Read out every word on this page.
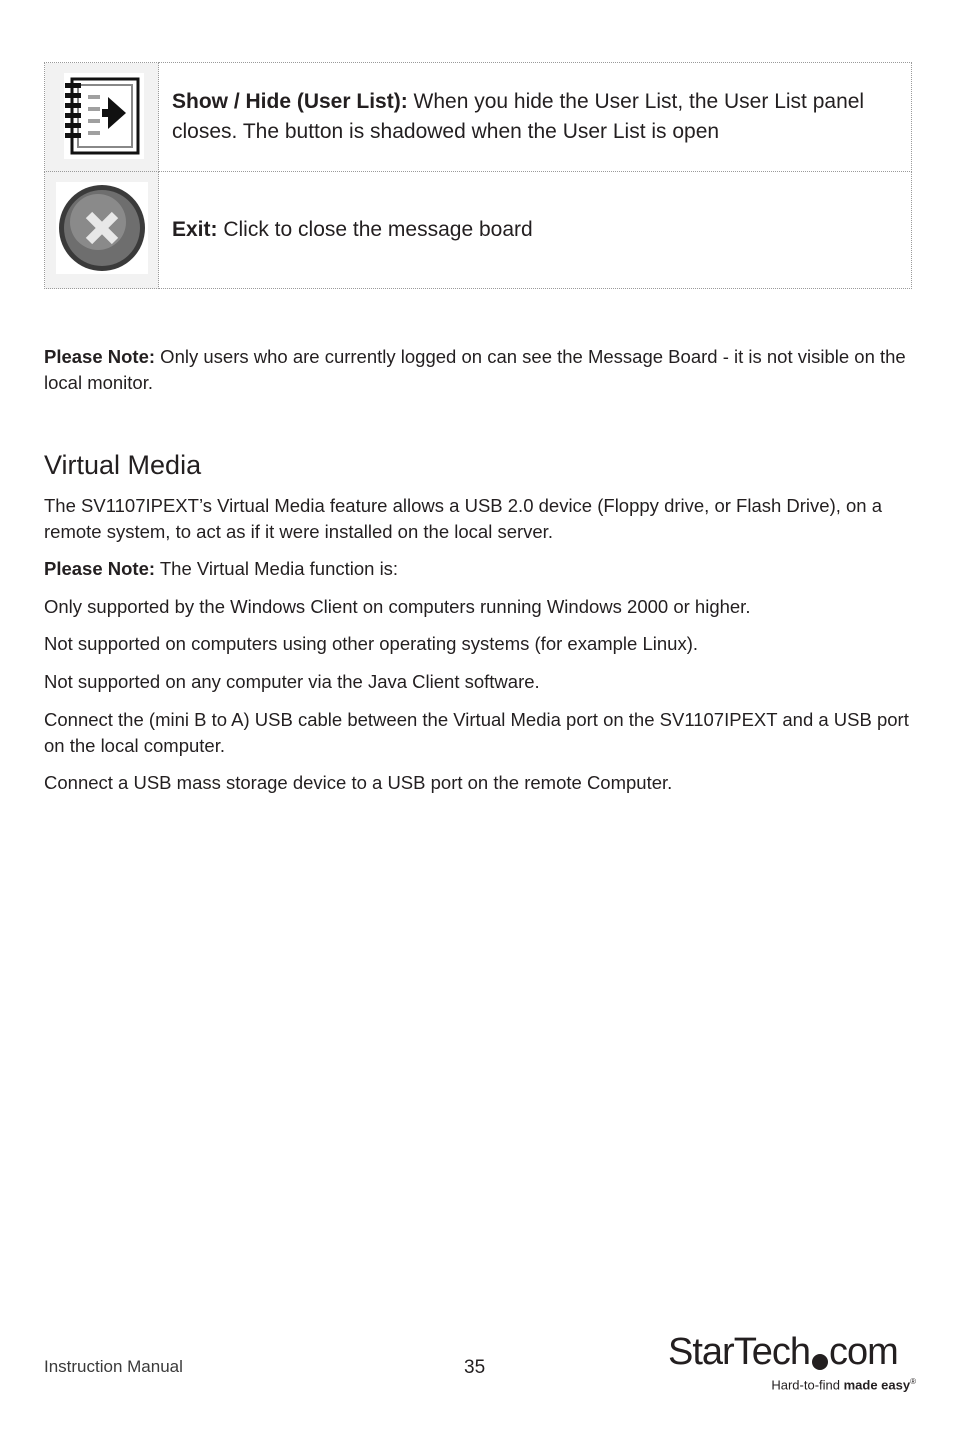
	Show / Hide (User List): When you hide the User List, the User List panel closes. The button is shadowed when the User List is open
	Exit: Click to close the message board

Please Note: Only users who are currently logged on can see the Message Board - it is not visible on the local monitor.

Virtual Media

The SV1107IPEXT’s Virtual Media feature allows a USB 2.0 device (Floppy drive, or Flash Drive), on a remote system, to act as if it were installed on the local server.

Please Note: The Virtual Media function is:

Only supported by the Windows Client on computers running Windows 2000 or higher.

Not supported on computers using other operating systems (for example Linux).

Not supported on any computer via the Java Client software.

Connect the (mini B to A) USB cable between the Virtual Media port on the SV1107IPEXT and a USB port on the local computer.

Connect a USB mass storage device to a USB port on the remote Computer.

Instruction Manual	35	StarTech com
Hard-to-find made easy®
